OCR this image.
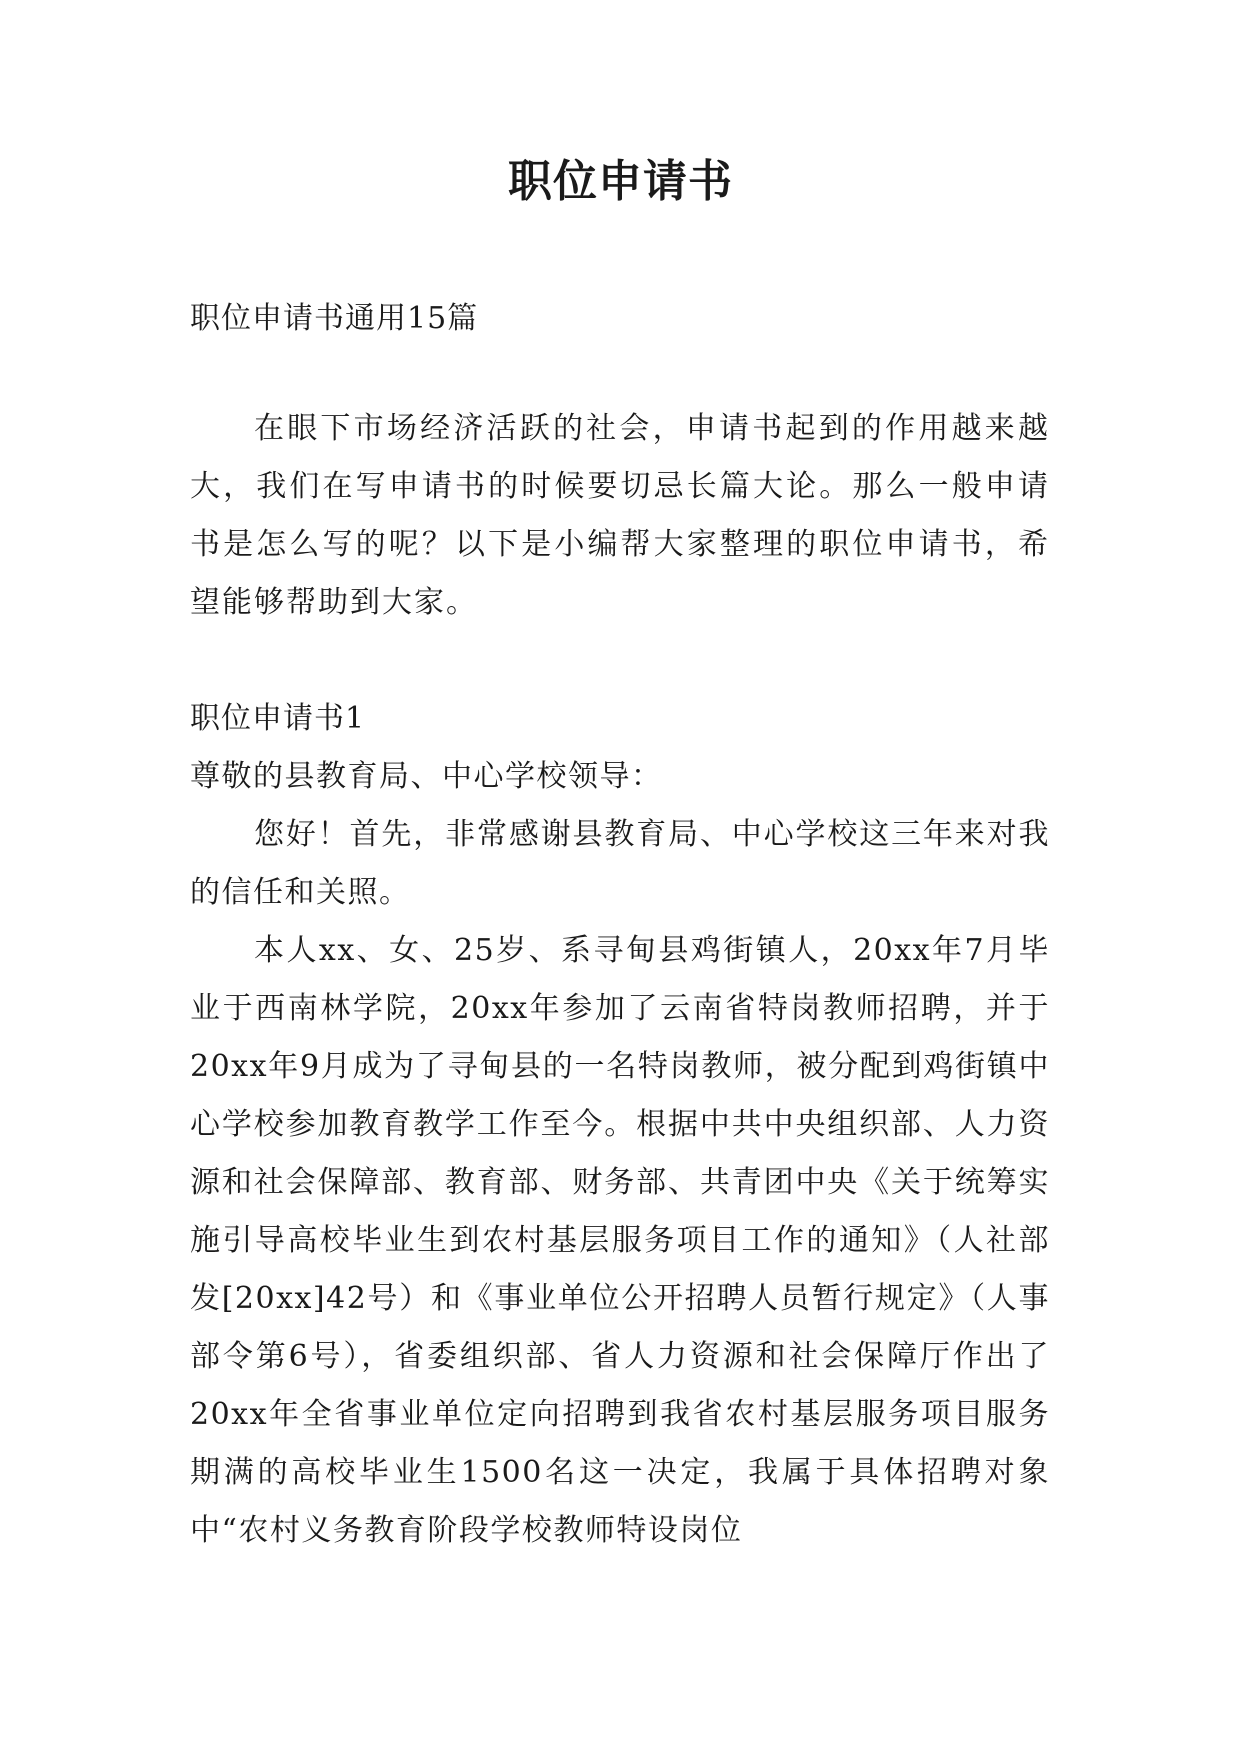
职位申请书
职位申请书通用15篇
在眼下市场经济活跃的社会，申请书起到的作用越来越大，我们在写申请书的时候要切忌长篇大论。那么一般申请书是怎么写的呢？以下是小编帮大家整理的职位申请书，希望能够帮助到大家。

职位申请书1

尊敬的县教育局、中心学校领导：

您好！首先，非常感谢县教育局、中心学校这三年来对我的信任和关照。

本人xx、女、25岁、系寻甸县鸡街镇人，20xx年7月毕业于西南林学院，20xx年参加了云南省特岗教师招聘，并于20xx年9月成为了寻甸县的一名特岗教师，被分配到鸡街镇中心学校参加教育教学工作至今。根据中共中央组织部、人力资源和社会保障部、教育部、财务部、共青团中央《关于统筹实施引导高校毕业生到农村基层服务项目工作的通知》（人社部发[20xx]42号）和《事业单位公开招聘人员暂行规定》（人事部令第6号），省委组织部、省人力资源和社会保障厅作出了20xx年全省事业单位定向招聘到我省农村基层服务项目服务期满的高校毕业生1500名这一决定，我属于具体招聘对象中“农村义务教育阶段学校教师特设岗位
